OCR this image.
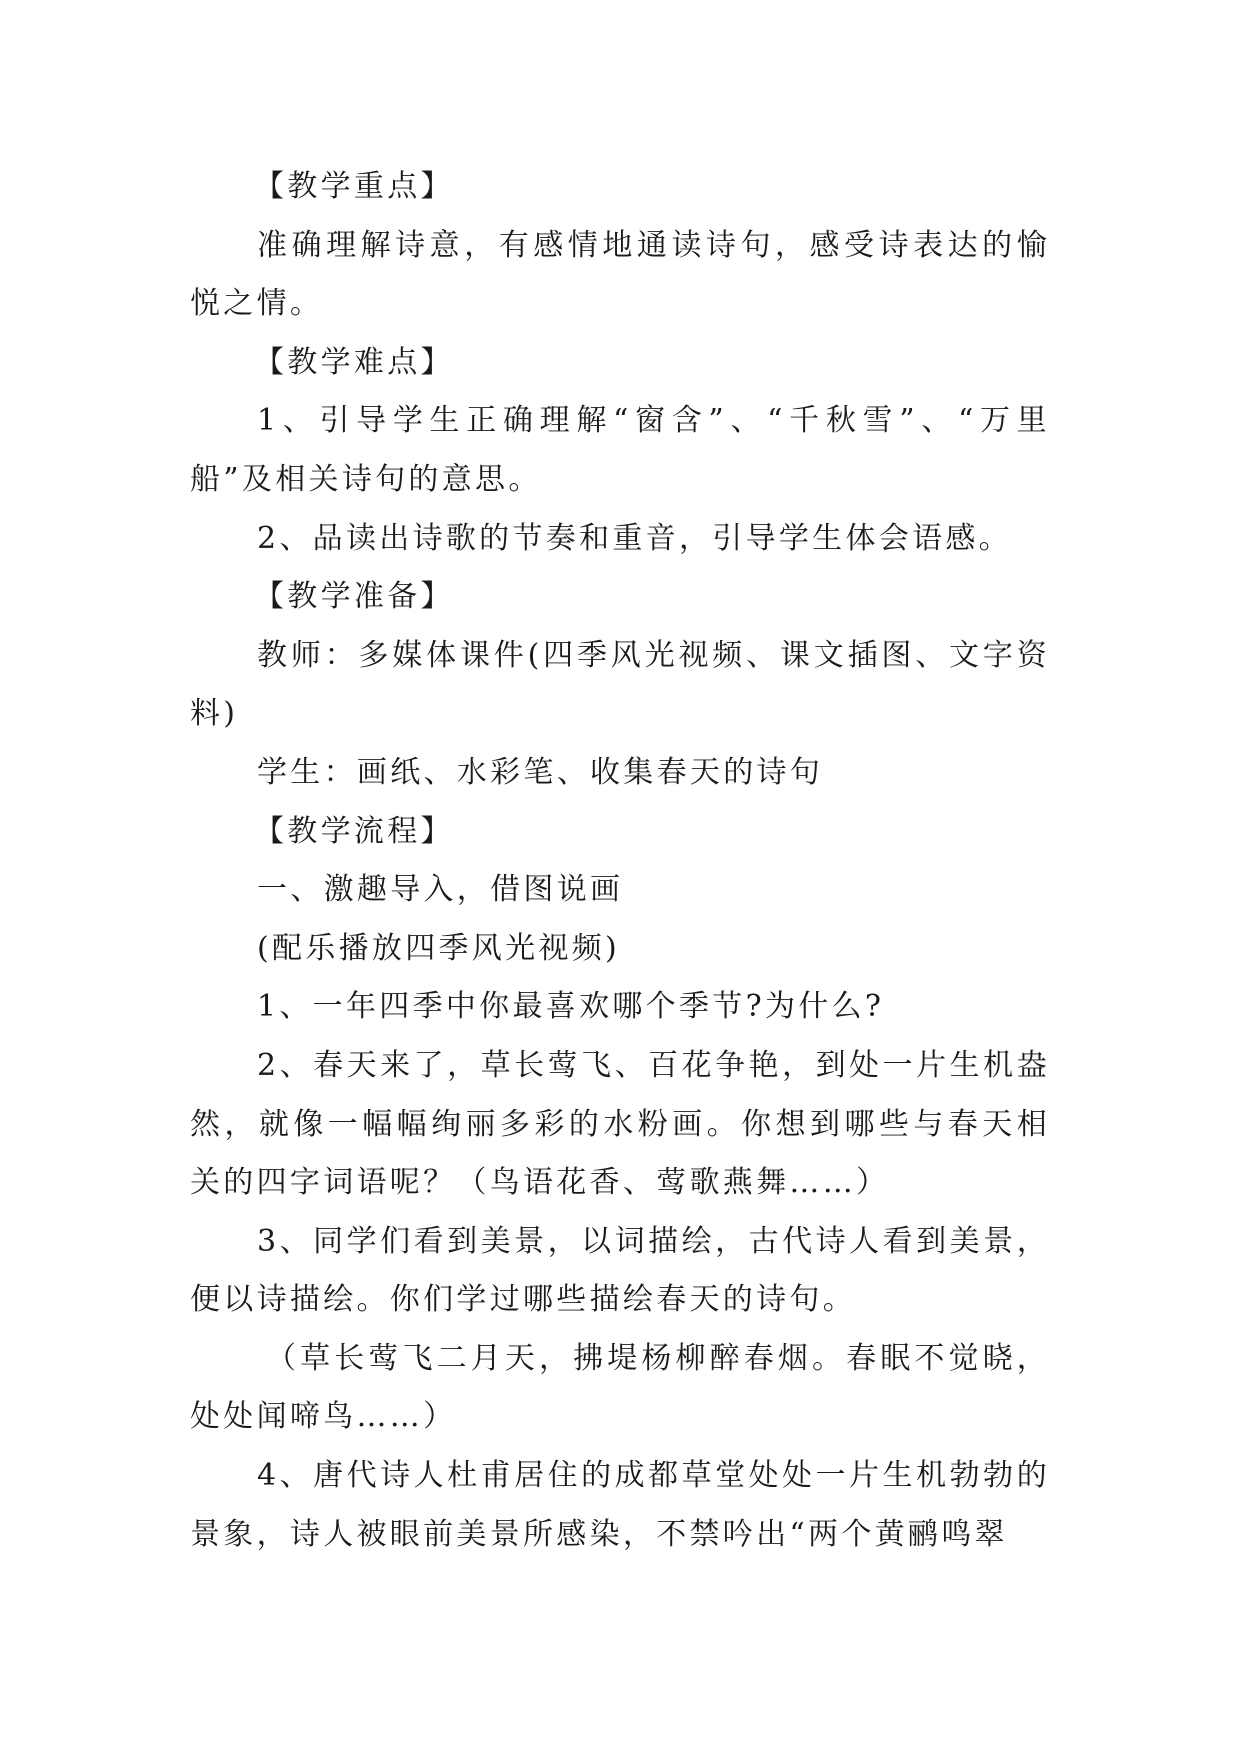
【教学重点】

准确理解诗意，有感情地通读诗句，感受诗表达的愉悦之情。

【教学难点】

1、引导学生正确理解“窗含”、“千秋雪”、“万里船”及相关诗句的意思。

2、品读出诗歌的节奏和重音，引导学生体会语感。

【教学准备】

教师：多媒体课件(四季风光视频、课文插图、文字资料)

学生：画纸、水彩笔、收集春天的诗句

【教学流程】

一、激趣导入，借图说画

(配乐播放四季风光视频)

1、一年四季中你最喜欢哪个季节?为什么?

2、春天来了，草长莺飞、百花争艳，到处一片生机盎然，就像一幅幅绚丽多彩的水粉画。你想到哪些与春天相关的四字词语呢？（鸟语花香、莺歌燕舞……）

3、同学们看到美景，以词描绘，古代诗人看到美景，便以诗描绘。你们学过哪些描绘春天的诗句。

（草长莺飞二月天，拂堤杨柳醉春烟。春眠不觉晓，处处闻啼鸟……）

4、唐代诗人杜甫居住的成都草堂处处一片生机勃勃的景象，诗人被眼前美景所感染，不禁吟出“两个黄鹂鸣翠
